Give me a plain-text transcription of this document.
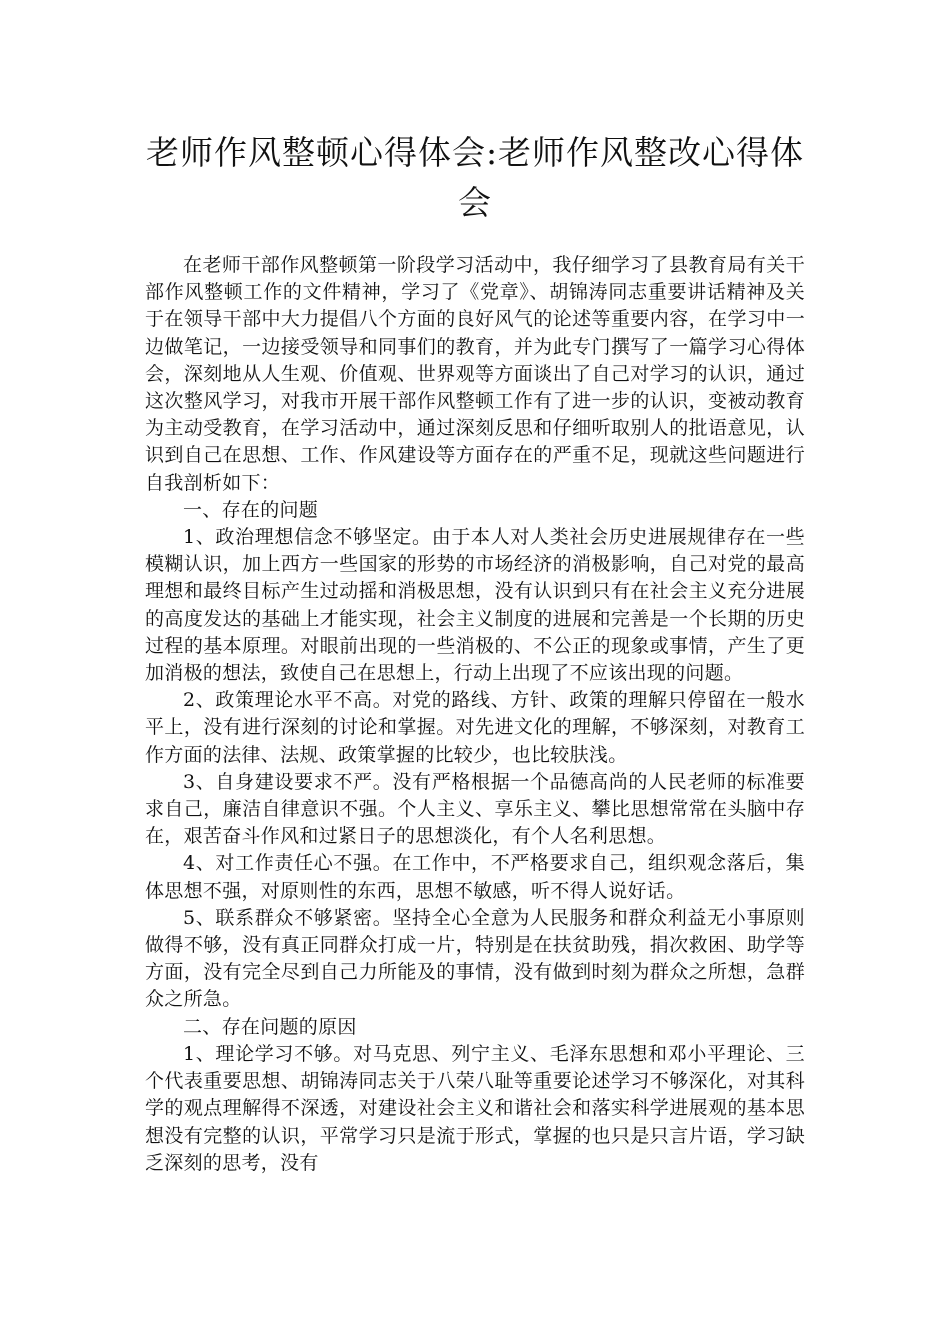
老师作风整顿心得体会:老师作风整改心得体会

在老师干部作风整顿第一阶段学习活动中，我仔细学习了县教育局有关干部作风整顿工作的文件精神，学习了《党章》、胡锦涛同志重要讲话精神及关于在领导干部中大力提倡八个方面的良好风气的论述等重要内容，在学习中一边做笔记，一边接受领导和同事们的教育，并为此专门撰写了一篇学习心得体会，深刻地从人生观、价值观、世界观等方面谈出了自己对学习的认识，通过这次整风学习，对我市开展干部作风整顿工作有了进一步的认识，变被动教育为主动受教育，在学习活动中，通过深刻反思和仔细听取别人的批语意见，认识到自己在思想、工作、作风建设等方面存在的严重不足，现就这些问题进行自我剖析如下：

一、存在的问题

1、政治理想信念不够坚定。由于本人对人类社会历史进展规律存在一些模糊认识，加上西方一些国家的形势的市场经济的消极影响，自己对党的最高理想和最终目标产生过动摇和消极思想，没有认识到只有在社会主义充分进展的高度发达的基础上才能实现，社会主义制度的进展和完善是一个长期的历史过程的基本原理。对眼前出现的一些消极的、不公正的现象或事情，产生了更加消极的想法，致使自己在思想上，行动上出现了不应该出现的问题。

2、政策理论水平不高。对党的路线、方针、政策的理解只停留在一般水平上，没有进行深刻的讨论和掌握。对先进文化的理解，不够深刻，对教育工作方面的法律、法规、政策掌握的比较少，也比较肤浅。

3、自身建设要求不严。没有严格根据一个品德高尚的人民老师的标准要求自己，廉洁自律意识不强。个人主义、享乐主义、攀比思想常常在头脑中存在，艰苦奋斗作风和过紧日子的思想淡化，有个人名利思想。

4、对工作责任心不强。在工作中，不严格要求自己，组织观念落后，集体思想不强，对原则性的东西，思想不敏感，听不得人说好话。

5、联系群众不够紧密。坚持全心全意为人民服务和群众利益无小事原则做得不够，没有真正同群众打成一片，特别是在扶贫助残，捐次救困、助学等方面，没有完全尽到自己力所能及的事情，没有做到时刻为群众之所想，急群众之所急。

二、存在问题的原因

1、理论学习不够。对马克思、列宁主义、毛泽东思想和邓小平理论、三个代表重要思想、胡锦涛同志关于八荣八耻等重要论述学习不够深化，对其科学的观点理解得不深透，对建设社会主义和谐社会和落实科学进展观的基本思想没有完整的认识，平常学习只是流于形式，掌握的也只是只言片语，学习缺乏深刻的思考，没有
